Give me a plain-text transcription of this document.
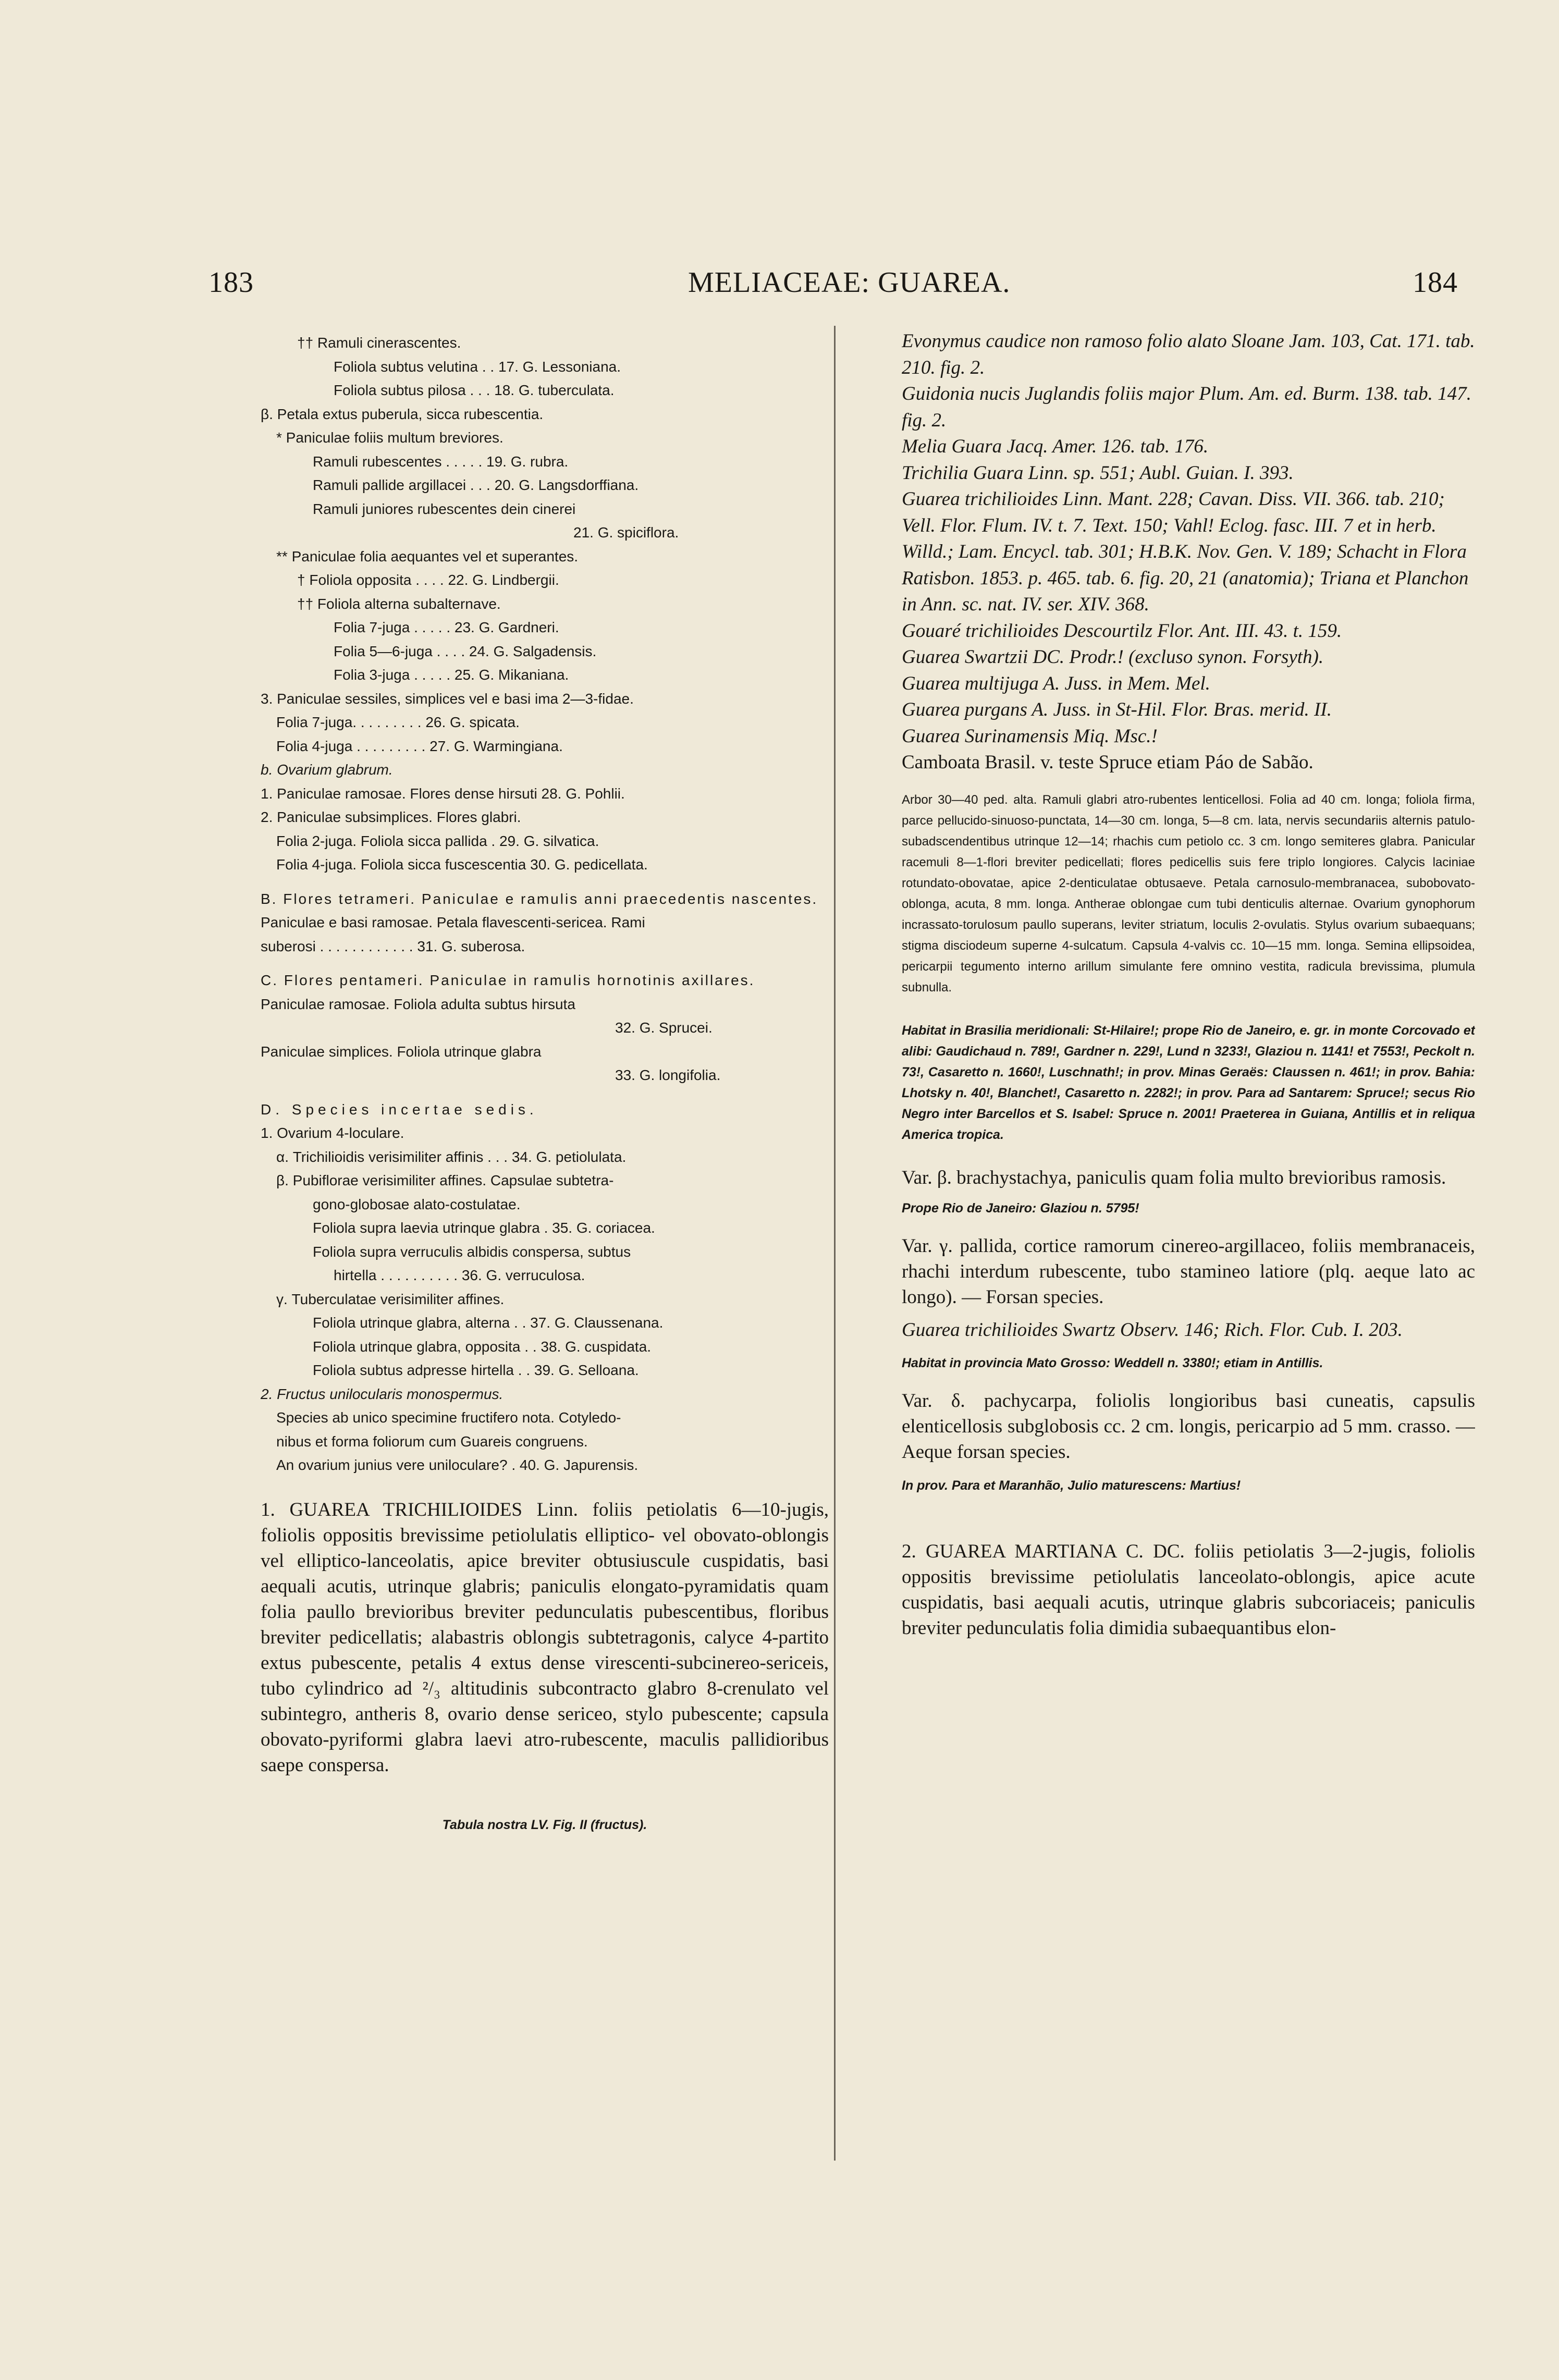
183	MELIACEAE: GUAREA.	184
†† Ramuli cinerascentes.
Foliola subtus velutina . . 17. G. Lessoniana.
Foliola subtus pilosa . . . 18. G. tuberculata.
β. Petala extus puberula, sicca rubescentia.
* Paniculae foliis multum breviores.
Ramuli rubescentes . . . . . 19. G. rubra.
Ramuli pallide argillacei . . . 20. G. Langsdorffiana.
Ramuli juniores rubescentes dein cinerei
21. G. spiciflora.
** Paniculae folia aequantes vel et superantes.
† Foliola opposita . . . . 22. G. Lindbergii.
†† Foliola alterna subalternave.
Folia 7-juga . . . . . 23. G. Gardneri.
Folia 5—6-juga . . . . 24. G. Salgadensis.
Folia 3-juga . . . . . 25. G. Mikaniana.
3. Paniculae sessiles, simplices vel e basi ima 2—3-fidae.
Folia 7-juga. . . . . . . . . 26. G. spicata.
Folia 4-juga . . . . . . . . . 27. G. Warmingiana.
b. Ovarium glabrum.
1. Paniculae ramosae. Flores dense hirsuti 28. G. Pohlii.
2. Paniculae subsimplices. Flores glabri.
Folia 2-juga. Foliola sicca pallida . 29. G. silvatica.
Folia 4-juga. Foliola sicca fuscescentia 30. G. pedicellata.
B. Flores tetrameri. Paniculae e ramulis anni praecedentis nascentes.
Paniculae e basi ramosae. Petala flavescenti-sericea. Rami
suberosi . . . . . . . . . . . . 31. G. suberosa.
C. Flores pentameri. Paniculae in ramulis hornotinis axillares.
Paniculae ramosae. Foliola adulta subtus hirsuta
32. G. Sprucei.
Paniculae simplices. Foliola utrinque glabra
33. G. longifolia.
D. Species incertae sedis.
1. Ovarium 4-loculare.
α. Trichilioidis verisimiliter affinis . . . 34. G. petiolulata.
β. Pubiflorae verisimiliter affines. Capsulae subtetra-
gono-globosae alato-costulatae.
Foliola supra laevia utrinque glabra . 35. G. coriacea.
Foliola supra verruculis albidis conspersa, subtus
hirtella . . . . . . . . . . 36. G. verruculosa.
γ. Tuberculatae verisimiliter affines.
Foliola utrinque glabra, alterna . . 37. G. Claussenana.
Foliola utrinque glabra, opposita . . 38. G. cuspidata.
Foliola subtus adpresse hirtella . . 39. G. Selloana.
2. Fructus unilocularis monospermus.
Species ab unico specimine fructifero nota. Cotyledo-
nibus et forma foliorum cum Guareis congruens.
An ovarium junius vere uniloculare? . 40. G. Japurensis.

1. GUAREA TRICHILIOIDES Linn. foliis petiolatis 6—10-jugis, foliolis oppositis brevissime petiolulatis elliptico- vel obovato-oblongis vel elliptico-lanceolatis, apice breviter obtusiuscule cuspidatis, basi aequali acutis, utrinque glabris; paniculis elongato-pyramidatis quam folia paullo brevioribus breviter pedunculatis pubescentibus, floribus breviter pedicellatis; alabastris oblongis subtetragonis, calyce 4-partito extus pubescente, petalis 4 extus dense virescenti-subcinereo-sericeis, tubo cylindrico ad ²/₃ altitudinis subcontracto glabro 8-crenulato vel subintegro, antheris 8, ovario dense sericeo, stylo pubescente; capsula obovato-pyriformi glabra laevi atro-rubescente, maculis pallidioribus saepe conspersa.

Tabula nostra LV. Fig. II (fructus).

Evonymus caudice non ramoso folio alato Sloane Jam. 103, Cat. 171. tab. 210. fig. 2.

Guidonia nucis Juglandis foliis major Plum. Am. ed. Burm. 138. tab. 147. fig. 2.

Melia Guara Jacq. Amer. 126. tab. 176.

Trichilia Guara Linn. sp. 551; Aubl. Guian. I. 393.

Guarea trichilioides Linn. Mant. 228; Cavan. Diss. VII. 366. tab. 210; Vell. Flor. Flum. IV. t. 7. Text. 150; Vahl! Eclog. fasc. III. 7 et in herb. Willd.; Lam. Encycl. tab. 301; H.B.K. Nov. Gen. V. 189; Schacht in Flora Ratisbon. 1853. p. 465. tab. 6. fig. 20, 21 (anatomia); Triana et Planchon in Ann. sc. nat. IV. ser. XIV. 368.

Gouaré trichilioides Descourtilz Flor. Ant. III. 43. t. 159.

Guarea Swartzii DC. Prodr.! (excluso synon. Forsyth).

Guarea multijuga A. Juss. in Mem. Mel.

Guarea purgans A. Juss. in St-Hil. Flor. Bras. merid. II.

Guarea Surinamensis Miq. Msc.!

Camboata Brasil. v. teste Spruce etiam Páo de Sabão.

Arbor 30—40 ped. alta. Ramuli glabri atro-rubentes lenticellosi. Folia ad 40 cm. longa; foliola firma, parce pellucido-sinuoso-punctata, 14—30 cm. longa, 5—8 cm. lata, nervis secundariis alternis patulo-subadscendentibus utrinque 12—14; rhachis cum petiolo cc. 3 cm. longo semiteres glabra. Panicular racemuli 8—1-flori breviter pedicellati; flores pedicellis suis fere triplo longiores. Calycis laciniae rotundato-obovatae, apice 2-denticulatae obtusaeve. Petala carnosulo-membranacea, subobovato-oblonga, acuta, 8 mm. longa. Antherae oblongae cum tubi denticulis alternae. Ovarium gynophorum incrassato-torulosum paullo superans, leviter striatum, loculis 2-ovulatis. Stylus ovarium subaequans; stigma disciodeum superne 4-sulcatum. Capsula 4-valvis cc. 10—15 mm. longa. Semina ellipsoidea, pericarpii tegumento interno arillum simulante fere omnino vestita, radicula brevissima, plumula subnulla.

Habitat in Brasilia meridionali: St-Hilaire!; prope Rio de Janeiro, e. gr. in monte Corcovado et alibi: Gaudichaud n. 789!, Gardner n. 229!, Lund n 3233!, Glaziou n. 1141! et 7553!, Peckolt n. 73!, Casaretto n. 1660!, Luschnath!; in prov. Minas Geraës: Claussen n. 461!; in prov. Bahia: Lhotsky n. 40!, Blanchet!, Casaretto n. 2282!; in prov. Para ad Santarem: Spruce!; secus Rio Negro inter Barcellos et S. Isabel: Spruce n. 2001! Praeterea in Guiana, Antillis et in reliqua America tropica.

Var. β. brachystachya, paniculis quam folia multo brevioribus ramosis.

Prope Rio de Janeiro: Glaziou n. 5795!

Var. γ. pallida, cortice ramorum cinereo-argillaceo, foliis membranaceis, rhachi interdum rubescente, tubo stamineo latiore (plq. aeque lato ac longo). — Forsan species.

Guarea trichilioides Swartz Observ. 146; Rich. Flor. Cub. I. 203.

Habitat in provincia Mato Grosso: Weddell n. 3380!; etiam in Antillis.

Var. δ. pachycarpa, foliolis longioribus basi cuneatis, capsulis elenticellosis subglobosis cc. 2 cm. longis, pericarpio ad 5 mm. crasso. — Aeque forsan species.

In prov. Para et Maranhão, Julio maturescens: Martius!

2. GUAREA MARTIANA C. DC. foliis petiolatis 3—2-jugis, foliolis oppositis brevissime petiolulatis lanceolato-oblongis, apice acute cuspidatis, basi aequali acutis, utrinque glabris subcoriaceis; paniculis breviter pedunculatis folia dimidia subaequantibus elon-
